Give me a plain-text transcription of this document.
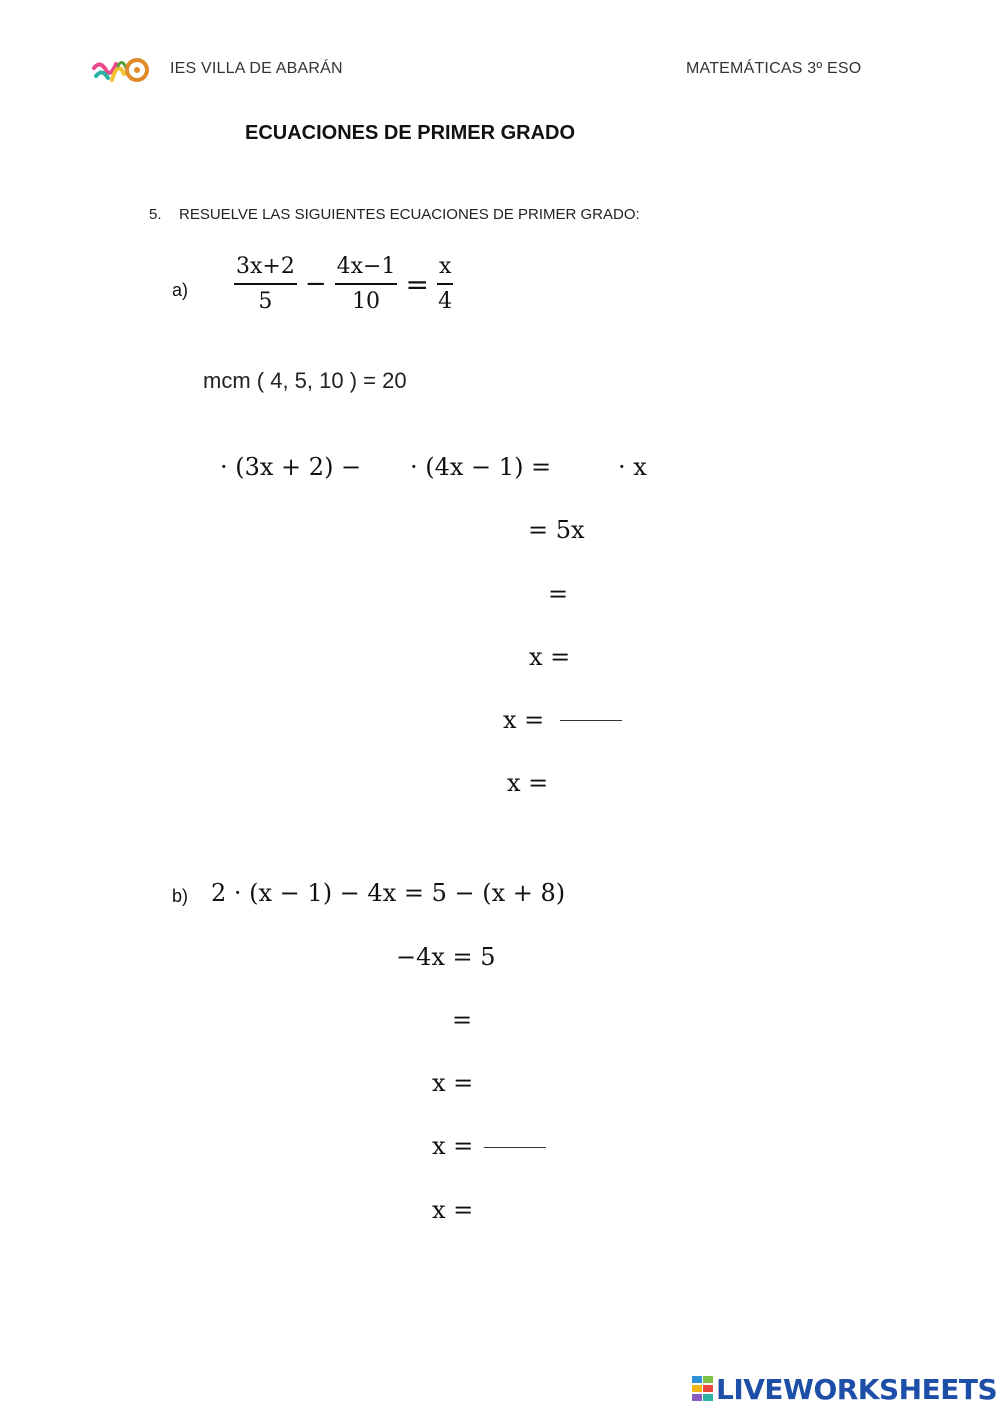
IES VILLA DE ABARÁN	MATEMÁTICAS 3º ESO
ECUACIONES DE PRIMER GRADO
5. RESUELVE LAS SIGUIENTES ECUACIONES DE PRIMER GRADO:
$a) \frac{3x+2}{5} - \frac{4x-1}{10} = \frac{x}{4}$
mcm ( 4, 5, 10 ) = 20
· (3x + 2) − · (4x − 1) =	· x
= 5x
=
x =
x =
x =
b) 2 · (x − 1) − 4x = 5 − (x + 8)
−4x = 5
=
x =
x =
x =
LIVEWORKSHEETS
